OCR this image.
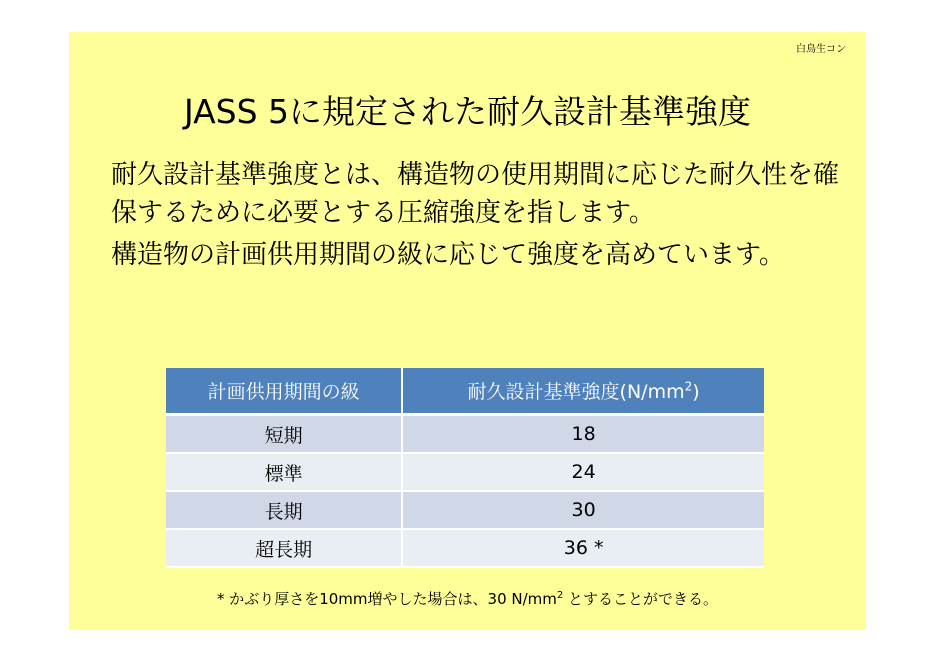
白鳥生コン
JASS 5に規定された耐久設計基準強度

耐久設計基準強度とは、構造物の使用期間に応じた耐久性を確保するために必要とする圧縮強度を指します。

構造物の計画供用期間の級に応じて強度を高めています。

計画供用期間の級	耐久設計基準強度$(N/mm^2)$
短期	18
標準	24
長期	30
超長期	36 *
* かぶり厚さを10mm増やした場合は、30 $N/mm^2$ とすることができる。
